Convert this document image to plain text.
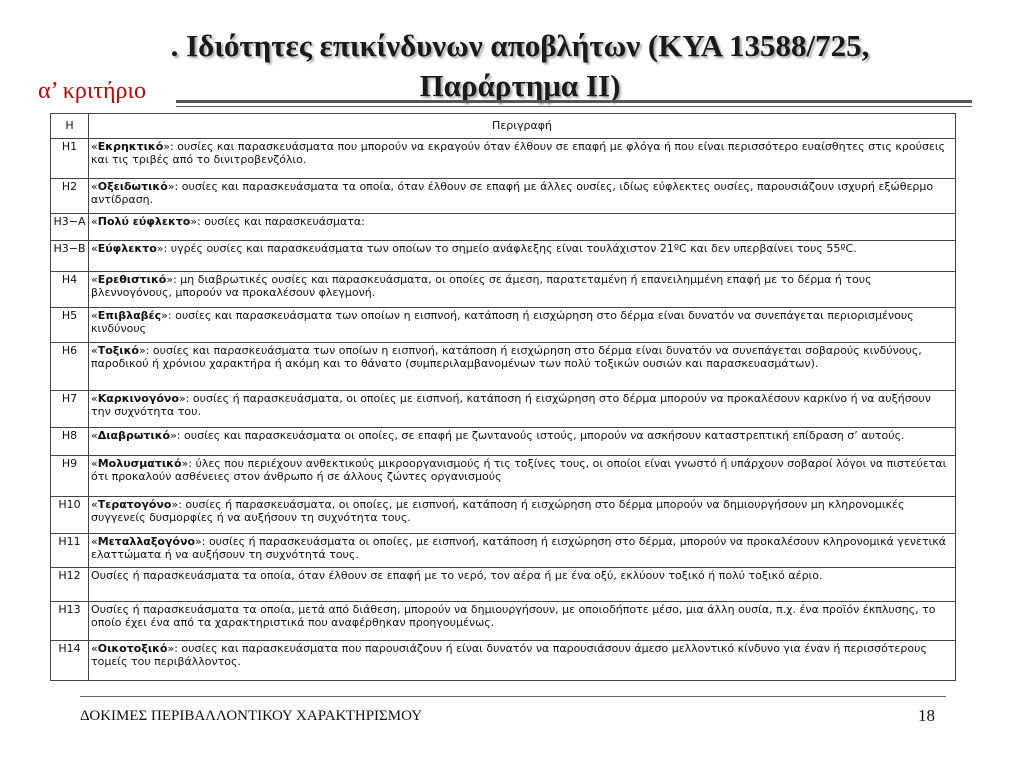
. Ιδιότητες επικίνδυνων αποβλήτων (ΚΥΑ 13588/725,
Παράρτημα ΙΙ)
α’ κριτήριο
Η	Περιγραφή
Η1	«Εκρηκτικό»: ουσίες και παρασκευάσματα που μπορούν να εκραγούν όταν έλθουν σε επαφή με φλόγα ή που είναι περισσότερο ευαίσθητες στις κρούσεις και τις τριβές από το δινιτροβενζόλιο.
Η2	«Οξειδωτικό»: ουσίες και παρασκευάσματα τα οποία, όταν έλθουν σε επαφή με άλλες ουσίες, ιδίως εύφλεκτες ουσίες, παρουσιάζουν ισχυρή εξώθερμο αντίδραση.
Η3−Α	«Πολύ εύφλεκτο»: ουσίες και παρασκευάσματα:
Η3−Β	«Εύφλεκτο»: υγρές ουσίες και παρασκευάσματα των οποίων το σημείο ανάφλεξης είναι τουλάχιστον 21ºC και δεν υπερβαίνει τους 55ºC.
Η4	«Ερεθιστικό»: μη διαβρωτικές ουσίες και παρασκευάσματα, οι οποίες σε άμεση, παρατεταμένη ή επανειλημμένη επαφή με το δέρμα ή τους βλεννογόνους, μπορούν να προκαλέσουν φλεγμονή.
Η5	«Επιβλαβές»: ουσίες και παρασκευάσματα των οποίων η εισπνοή, κατάποση ή εισχώρηση στο δέρμα είναι δυνατόν να συνεπάγεται περιορισμένους κινδύνους
Η6	«Τοξικό»: ουσίες και παρασκευάσματα των οποίων η εισπνοή, κατάποση ή εισχώρηση στο δέρμα είναι δυνατόν να συνεπάγεται σοβαρούς κινδύνους, παροδικού ή χρόνιου χαρακτήρα ή ακόμη και το θάνατο (συμπεριλαμβανομένων των πολύ τοξικών ουσιών και παρασκευασμάτων).
Η7	«Καρκινογόνο»: ουσίες ή παρασκευάσματα, οι οποίες με εισπνοή, κατάποση ή εισχώρηση στο δέρμα μπορούν να προκαλέσουν καρκίνο ή να αυξήσουν την συχνότητα του.
Η8	«Διαβρωτικό»: ουσίες και παρασκευάσματα οι οποίες, σε επαφή με ζωντανούς ιστούς, μπορούν να ασκήσουν καταστρεπτική επίδραση σ’ αυτούς.
Η9	«Μολυσματικό»: ύλες που περιέχουν ανθεκτικούς μικροοργανισμούς ή τις τοξίνες τους, οι οποίοι είναι γνωστό ή υπάρχουν σοβαροί λόγοι να πιστεύεται ότι προκαλούν ασθένειες στον άνθρωπο ή σε άλλους ζώντες οργανισμούς
Η10	«Τερατογόνο»: ουσίες ή παρασκευάσματα, οι οποίες, με εισπνοή, κατάποση ή εισχώρηση στο δέρμα μπορούν να δημιουργήσουν μη κληρονομικές συγγενείς δυσμορφίες ή να αυξήσουν τη συχνότητα τους.
Η11	«Μεταλλαξογόνο»: ουσίες ή παρασκευάσματα οι οποίες, με εισπνοή, κατάποση ή εισχώρηση στο δέρμα, μπορούν να προκαλέσουν κληρονομικά γενετικά ελαττώματα ή να αυξήσουν τη συχνότητά τους.
Η12	Ουσίες ή παρασκευάσματα τα οποία, όταν έλθουν σε επαφή με το νερό, τον αέρα ή με ένα οξύ, εκλύουν τοξικό ή πολύ τοξικό αέριο.
Η13	Ουσίες ή παρασκευάσματα τα οποία, μετά από διάθεση, μπορούν να δημιουργήσουν, με οποιοδήποτε μέσο, μια άλλη ουσία, π.χ. ένα προϊόν έκπλυσης, το οποίο έχει ένα από τα χαρακτηριστικά που αναφέρθηκαν προηγουμένως.
Η14	«Οικοτοξικό»: ουσίες και παρασκευάσματα που παρουσιάζουν ή είναι δυνατόν να παρουσιάσουν άμεσο μελλοντικό κίνδυνο για έναν ή περισσότερους τομείς του περιβάλλοντος.
ΔΟΚΙΜΕΣ ΠΕΡΙΒΑΛΛΟΝΤΙΚΟΥ ΧΑΡΑΚΤΗΡΙΣΜΟΥ	18
